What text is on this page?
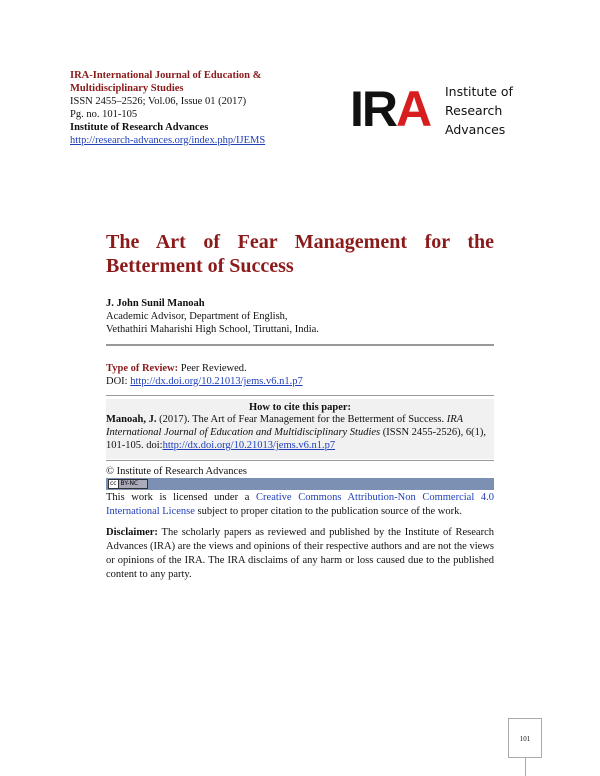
IRA-International Journal of Education & Multidisciplinary Studies
ISSN 2455–2526; Vol.06, Issue 01 (2017)
Pg. no. 101-105
Institute of Research Advances
http://research-advances.org/index.php/IJEMS
IRA Institute of
Research
Advances
The Art of Fear Management for the Betterment of Success
J. John Sunil Manoah
Academic Advisor, Department of English,
Vethathiri Maharishi High School, Tiruttani, India.
Type of Review: Peer Reviewed.
DOI: http://dx.doi.org/10.21013/jems.v6.n1.p7
How to cite this paper:
Manoah, J. (2017). The Art of Fear Management for the Betterment of Success. IRA International Journal of Education and Multidisciplinary Studies (ISSN 2455-2526), 6(1), 101-105. doi:http://dx.doi.org/10.21013/jems.v6.n1.p7
© Institute of Research Advances
cc BY-NC
This work is licensed under a Creative Commons Attribution-Non Commercial 4.0 International License subject to proper citation to the publication source of the work.
Disclaimer: The scholarly papers as reviewed and published by the Institute of Research Advances (IRA) are the views and opinions of their respective authors and are not the views or opinions of the IRA. The IRA disclaims of any harm or loss caused due to the published content to any party.
101
